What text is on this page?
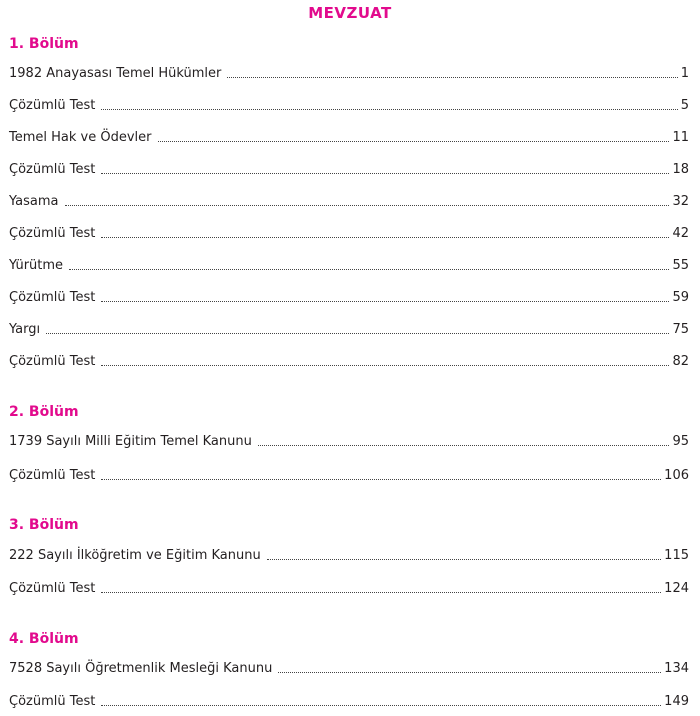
MEVZUAT
1. Bölüm
1982 Anayasası Temel Hükümler	1
Çözümlü Test	5
Temel Hak ve Ödevler	11
Çözümlü Test	18
Yasama	32
Çözümlü Test	42
Yürütme	55
Çözümlü Test	59
Yargı	75
Çözümlü Test	82
2. Bölüm
1739 Sayılı Milli Eğitim Temel Kanunu	95
Çözümlü Test	106
3. Bölüm
222 Sayılı İlköğretim ve Eğitim Kanunu	115
Çözümlü Test	124
4. Bölüm
7528 Sayılı Öğretmenlik Mesleği Kanunu	134
Çözümlü Test	149
